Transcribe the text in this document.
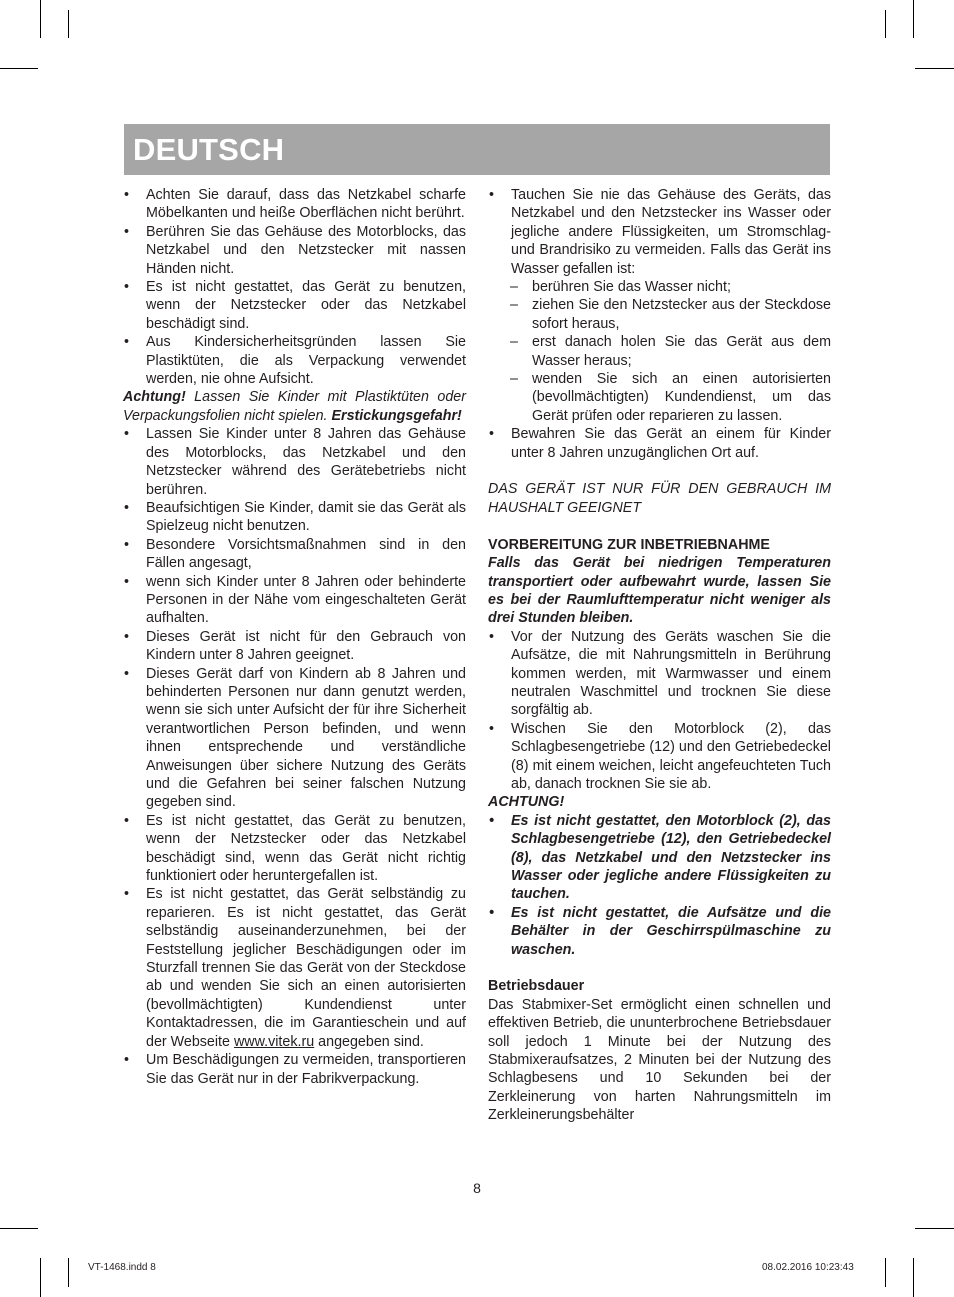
DEUTSCH
• Achten Sie darauf, dass das Netzkabel scharfe Möbelkanten und heiße Oberflächen nicht berührt.
• Berühren Sie das Gehäuse des Motorblocks, das Netzkabel und den Netzstecker mit nassen Händen nicht.
• Es ist nicht gestattet, das Gerät zu benutzen, wenn der Netzstecker oder das Netzkabel beschädigt sind.
• Aus Kindersicherheitsgründen lassen Sie Plastiktüten, die als Verpackung verwendet werden, nie ohne Aufsicht.
Achtung! Lassen Sie Kinder mit Plastiktüten oder Verpackungsfolien nicht spielen. Erstickungsgefahr!
• Lassen Sie Kinder unter 8 Jahren das Gehäuse des Motorblocks, das Netzkabel und den Netzstecker während des Gerätebetriebs nicht berühren.
• Beaufsichtigen Sie Kinder, damit sie das Gerät als Spielzeug nicht benutzen.
• Besondere Vorsichtsmaßnahmen sind in den Fällen angesagt,
• wenn sich Kinder unter 8 Jahren oder behinderte Personen in der Nähe vom eingeschalteten Gerät aufhalten.
• Dieses Gerät ist nicht für den Gebrauch von Kindern unter 8 Jahren geeignet.
• Dieses Gerät darf von Kindern ab 8 Jahren und behinderten Personen nur dann genutzt werden, wenn sie sich unter Aufsicht der für ihre Sicherheit verantwortlichen Person befinden, und wenn ihnen entsprechende und verständliche Anweisungen über sichere Nutzung des Geräts und die Gefahren bei seiner falschen Nutzung gegeben sind.
• Es ist nicht gestattet, das Gerät zu benutzen, wenn der Netzstecker oder das Netzkabel beschädigt sind, wenn das Gerät nicht richtig funktioniert oder heruntergefallen ist.
• Es ist nicht gestattet, das Gerät selbständig zu reparieren. Es ist nicht gestattet, das Gerät selbständig auseinanderzunehmen, bei der Feststellung jeglicher Beschädigungen oder im Sturzfall trennen Sie das Gerät von der Steckdose ab und wenden Sie sich an einen autorisierten (bevollmächtigten) Kundendienst unter Kontaktadressen, die im Garantieschein und auf der Webseite www.vitek.ru angegeben sind.
• Um Beschädigungen zu vermeiden, transportieren Sie das Gerät nur in der Fabrikverpackung.
• Tauchen Sie nie das Gehäuse des Geräts, das Netzkabel und den Netzstecker ins Wasser oder jegliche andere Flüssigkeiten, um Stromschlag- und Brandrisiko zu vermeiden. Falls das Gerät ins Wasser gefallen ist:
– berühren Sie das Wasser nicht;
– ziehen Sie den Netzstecker aus der Steckdose sofort heraus,
– erst danach holen Sie das Gerät aus dem Wasser heraus;
– wenden Sie sich an einen autorisierten (bevollmächtigten) Kundendienst, um das Gerät prüfen oder reparieren zu lassen.
• Bewahren Sie das Gerät an einem für Kinder unter 8 Jahren unzugänglichen Ort auf.
DAS GERÄT IST NUR FÜR DEN GEBRAUCH IM HAUSHALT GEEIGNET
VORBEREITUNG ZUR INBETRIEBNAHME
Falls das Gerät bei niedrigen Temperaturen transportiert oder aufbewahrt wurde, lassen Sie es bei der Raumlufttemperatur nicht weniger als drei Stunden bleiben.
• Vor der Nutzung des Geräts waschen Sie die Aufsätze, die mit Nahrungsmitteln in Berührung kommen werden, mit Warmwasser und einem neutralen Waschmittel und trocknen Sie diese sorgfältig ab.
• Wischen Sie den Motorblock (2), das Schlagbesengetriebe (12) und den Getriebedeckel (8) mit einem weichen, leicht angefeuchteten Tuch ab, danach trocknen Sie sie ab.
ACHTUNG!
• Es ist nicht gestattet, den Motorblock (2), das Schlagbesengetriebe (12), den Getriebedeckel (8), das Netzkabel und den Netzstecker ins Wasser oder jegliche andere Flüssigkeiten zu tauchen.
• Es ist nicht gestattet, die Aufsätze und die Behälter in der Geschirrspülmaschine zu waschen.
Betriebsdauer
Das Stabmixer-Set ermöglicht einen schnellen und effektiven Betrieb, die ununterbrochene Betriebsdauer soll jedoch 1 Minute bei der Nutzung des Stabmixeraufsatzes, 2 Minuten bei der Nutzung des Schlagbesens und 10 Sekunden bei der Zerkleinerung von harten Nahrungsmitteln im Zerkleinerungsbehälter
8
VT-1468.indd 8	08.02.2016 10:23:43
